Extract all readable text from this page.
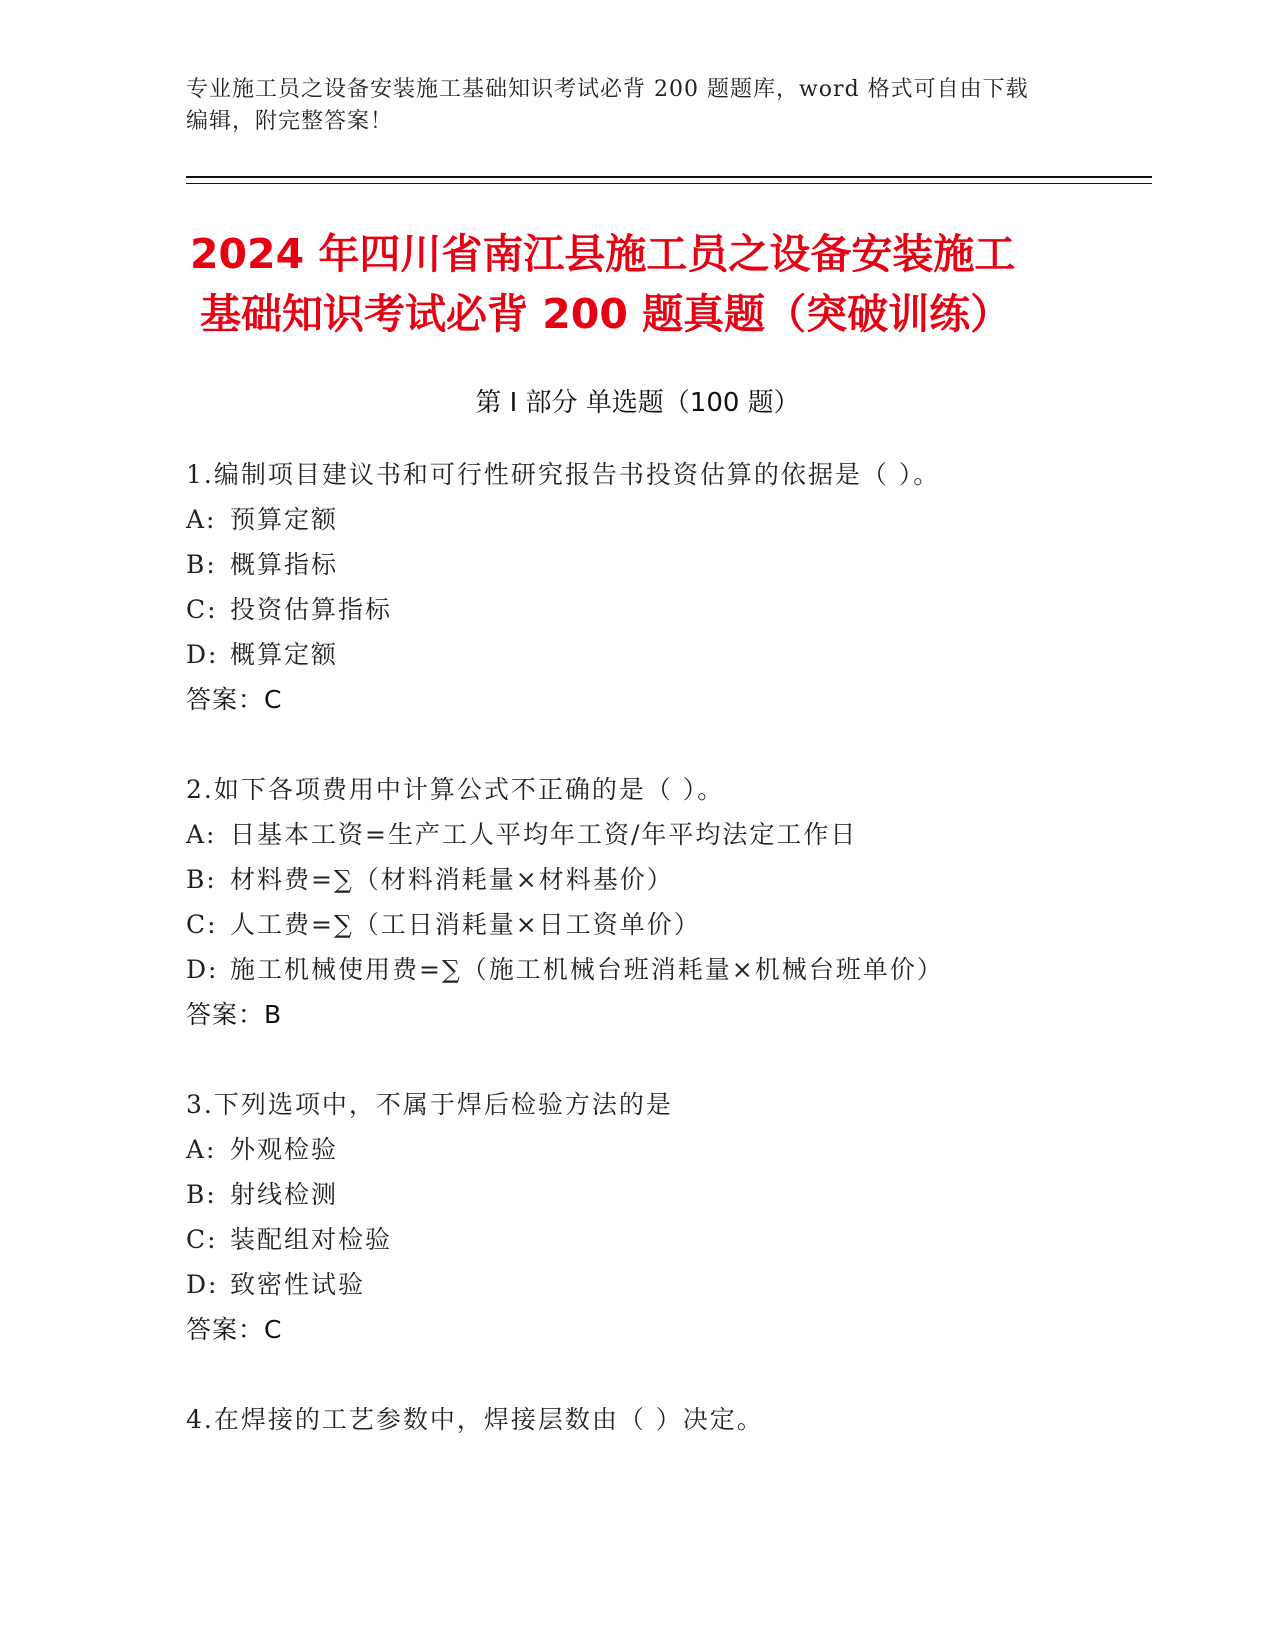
专业施工员之设备安装施工基础知识考试必背 200 题题库，word 格式可自由下载
编辑，附完整答案！
2024 年四川省南江县施工员之设备安装施工
基础知识考试必背 200 题真题（突破训练）
第 I 部分 单选题（100 题）
1.编制项目建议书和可行性研究报告书投资估算的依据是（ ）。
A: 预算定额
B: 概算指标
C: 投资估算指标
D: 概算定额
答案：C
2.如下各项费用中计算公式不正确的是（ ）。
A: 日基本工资=生产工人平均年工资/年平均法定工作日
B: 材料费=∑（材料消耗量×材料基价）
C: 人工费=∑（工日消耗量×日工资单价）
D: 施工机械使用费=∑（施工机械台班消耗量×机械台班单价）
答案：B
3.下列选项中，不属于焊后检验方法的是
A: 外观检验
B: 射线检测
C: 装配组对检验
D: 致密性试验
答案：C
4.在焊接的工艺参数中，焊接层数由（ ）决定。
